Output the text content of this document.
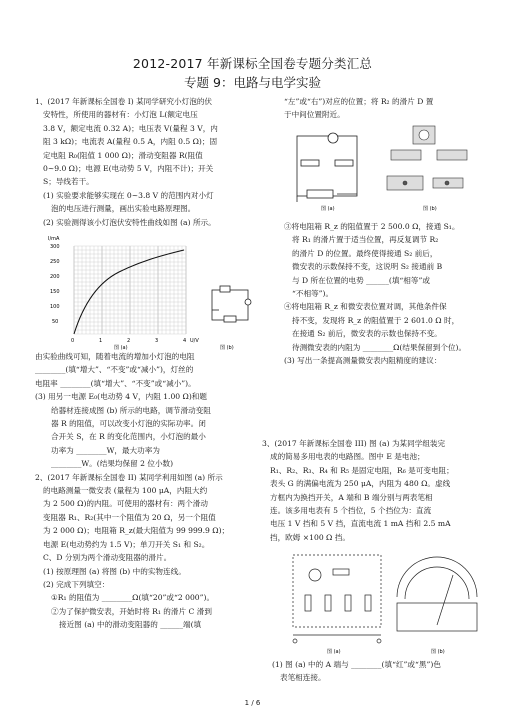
2012-2017 年新课标全国卷专题分类汇总
专题 9：电路与电学实验

1、(2017 年新课标全国卷 I) 某同学研究小灯泡的伏

安特性，所使用的器材有：小灯泡 L(额定电压

3.8 V，额定电流 0.32 A)；电压表 V(量程 3 V，内

阻 3 kΩ)；电流表 A(量程 0.5 A，内阻 0.5 Ω)；固

定电阻 R₀(阻值 1 000 Ω)；滑动变阻器 R(阻值

0~9.0 Ω)；电源 E(电动势 5 V，内阻不计)；开关

S；导线若干。

(1) 实验要求能够实现在 0~3.8 V 的范围内对小灯

泡的电压进行测量，画出实验电路原理图。

(2) 实验测得该小灯泡伏安特性曲线如图 (a) 所示。

I/mA
300
250
200
150
100
50
0	1	2	3	4 U/V
图 (a)	图 (b)

由实验曲线可知，随着电流的增加小灯泡的电阻

________(填“增大”、“不变”或“减小”)，灯丝的

电阻率 ________(填“增大”、“不变”或“减小”)。

(3) 用另一电源 E₀(电动势 4 V，内阻 1.00 Ω)和题

给器材连接成图 (b) 所示的电路，调节滑动变阻

器 R 的阻值，可以改变小灯泡的实际功率。闭

合开关 S，在 R 的变化范围内，小灯泡的最小

功率为 ________W，最大功率为

________W。(结果均保留 2 位小数)

2、(2017 年新课标全国卷 II) 某同学利用如图 (a) 所示

的电路测量一微安表 (量程为 100 μA，内阻大约

为 2 500 Ω)的内阻。可使用的器材有：两个滑动

变阻器 R₁、R₂(其中一个阻值为 20 Ω，另一个阻值

为 2 000 Ω)；电阻箱 R_z(最大阻值为 99 999.9 Ω)；

电源 E(电动势约为 1.5 V)；单刀开关 S₁ 和 S₂。

C、D 分别为两个滑动变阻器的滑片。

(1) 按原理图 (a) 将图 (b) 中的实物连线。

(2) 完成下列填空：

①R₁ 的阻值为 ________Ω(填“20”或“2 000”)。

②为了保护微安表，开始时将 R₁ 的滑片 C 滑到

接近图 (a) 中的滑动变阻器的 ______端(填

“左”或“右”)对应的位置；将 R₂ 的滑片 D 置

于中间位置附近。

图 (a)	图 (b)

③将电阻箱 R_z 的阻值置于 2 500.0 Ω，接通 S₁。

将 R₁ 的滑片置于适当位置，再反复调节 R₂

的滑片 D 的位置。最终使得接通 S₂ 前后，

微安表的示数保持不变，这说明 S₂ 接通前 B

与 D 所在位置的电势 ______(填“相等”或

“不相等”)。

④将电阻箱 R_z 和微安表位置对调，其他条件保

持不变，发现将 R_z 的阻值置于 2 601.0 Ω 时，

在接通 S₂ 前后，微安表的示数也保持不变。

待测微安表的内阻为 ________Ω(结果保留到个位)。

(3) 写出一条提高测量微安表内阻精度的建议：

3、(2017 年新课标全国卷 III) 图 (a) 为某同学组装完

成的简易多用电表的电路图。图中 E 是电池；

R₁、R₂、R₃、R₄ 和 R₅ 是固定电阻，R₆ 是可变电阻；

表头 G 的满偏电流为 250 μA，内阻为 480 Ω。虚线

方框内为换挡开关，A 端和 B 端分别与两表笔相

连。该多用电表有 5 个挡位，5 个挡位为：直流

电压 1 V 挡和 5 V 挡，直流电流 1 mA 挡和 2.5 mA

挡，欧姆 ×100 Ω 挡。

图 (a)	图 (b)

(1) 图 (a) 中的 A 端与 ________(填“红”或“黑”)色

表笔相连接。

1 / 6
